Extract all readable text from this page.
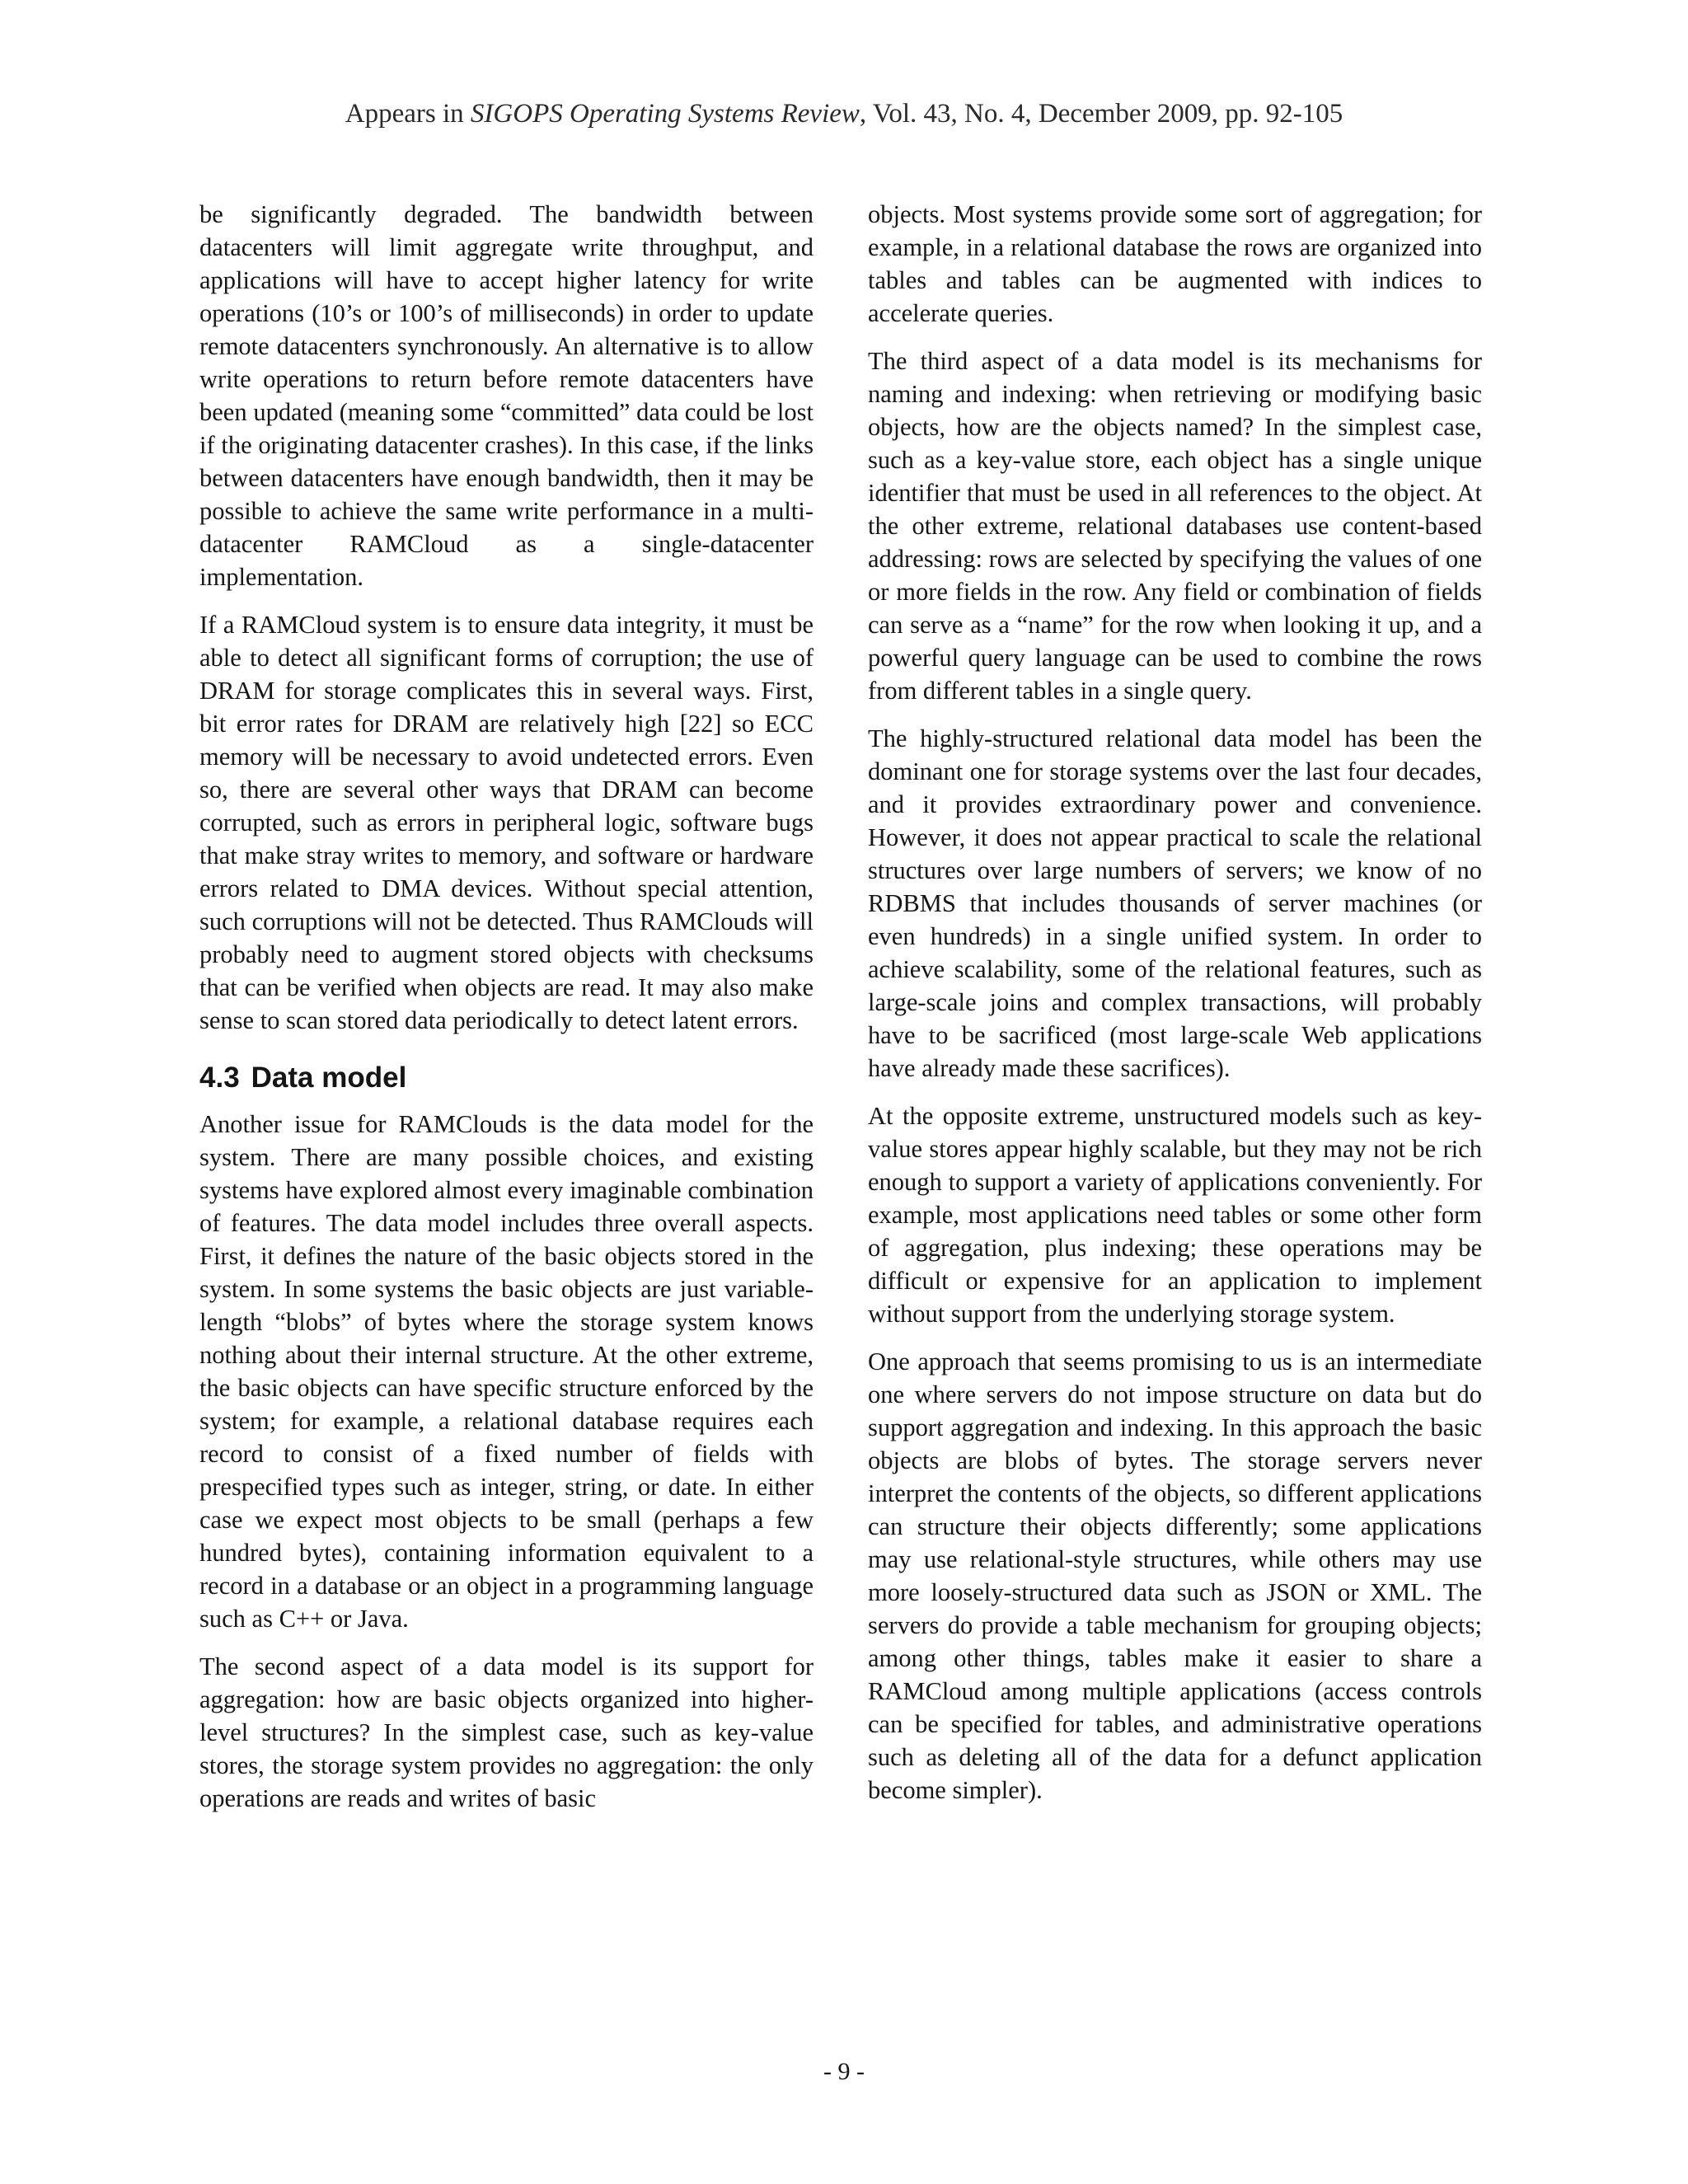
Appears in SIGOPS Operating Systems Review, Vol. 43, No. 4, December 2009, pp. 92-105

be significantly degraded. The bandwidth between datacenters will limit aggregate write throughput, and applications will have to accept higher latency for write operations (10’s or 100’s of milliseconds) in order to update remote datacenters synchronously. An alternative is to allow write operations to return before remote datacenters have been updated (meaning some “committed” data could be lost if the originating datacenter crashes). In this case, if the links between datacenters have enough bandwidth, then it may be possible to achieve the same write performance in a multi-datacenter RAMCloud as a single-datacenter implementation.

If a RAMCloud system is to ensure data integrity, it must be able to detect all significant forms of corruption; the use of DRAM for storage complicates this in several ways. First, bit error rates for DRAM are relatively high [22] so ECC memory will be necessary to avoid undetected errors. Even so, there are several other ways that DRAM can become corrupted, such as errors in peripheral logic, software bugs that make stray writes to memory, and software or hardware errors related to DMA devices. Without special attention, such corruptions will not be detected. Thus RAMClouds will probably need to augment stored objects with checksums that can be verified when objects are read. It may also make sense to scan stored data periodically to detect latent errors.

4.3 Data model

Another issue for RAMClouds is the data model for the system. There are many possible choices, and existing systems have explored almost every imaginable combination of features. The data model includes three overall aspects. First, it defines the nature of the basic objects stored in the system. In some systems the basic objects are just variable-length “blobs” of bytes where the storage system knows nothing about their internal structure. At the other extreme, the basic objects can have specific structure enforced by the system; for example, a relational database requires each record to consist of a fixed number of fields with prespecified types such as integer, string, or date. In either case we expect most objects to be small (perhaps a few hundred bytes), containing information equivalent to a record in a database or an object in a programming language such as C++ or Java.

The second aspect of a data model is its support for aggregation: how are basic objects organized into higher-level structures? In the simplest case, such as key-value stores, the storage system provides no aggregation: the only operations are reads and writes of basic

objects. Most systems provide some sort of aggregation; for example, in a relational database the rows are organized into tables and tables can be augmented with indices to accelerate queries.

The third aspect of a data model is its mechanisms for naming and indexing: when retrieving or modifying basic objects, how are the objects named? In the simplest case, such as a key-value store, each object has a single unique identifier that must be used in all references to the object. At the other extreme, relational databases use content-based addressing: rows are selected by specifying the values of one or more fields in the row. Any field or combination of fields can serve as a “name” for the row when looking it up, and a powerful query language can be used to combine the rows from different tables in a single query.

The highly-structured relational data model has been the dominant one for storage systems over the last four decades, and it provides extraordinary power and convenience. However, it does not appear practical to scale the relational structures over large numbers of servers; we know of no RDBMS that includes thousands of server machines (or even hundreds) in a single unified system. In order to achieve scalability, some of the relational features, such as large-scale joins and complex transactions, will probably have to be sacrificed (most large-scale Web applications have already made these sacrifices).

At the opposite extreme, unstructured models such as key-value stores appear highly scalable, but they may not be rich enough to support a variety of applications conveniently. For example, most applications need tables or some other form of aggregation, plus indexing; these operations may be difficult or expensive for an application to implement without support from the underlying storage system.

One approach that seems promising to us is an intermediate one where servers do not impose structure on data but do support aggregation and indexing. In this approach the basic objects are blobs of bytes. The storage servers never interpret the contents of the objects, so different applications can structure their objects differently; some applications may use relational-style structures, while others may use more loosely-structured data such as JSON or XML. The servers do provide a table mechanism for grouping objects; among other things, tables make it easier to share a RAMCloud among multiple applications (access controls can be specified for tables, and administrative operations such as deleting all of the data for a defunct application become simpler).

- 9 -
